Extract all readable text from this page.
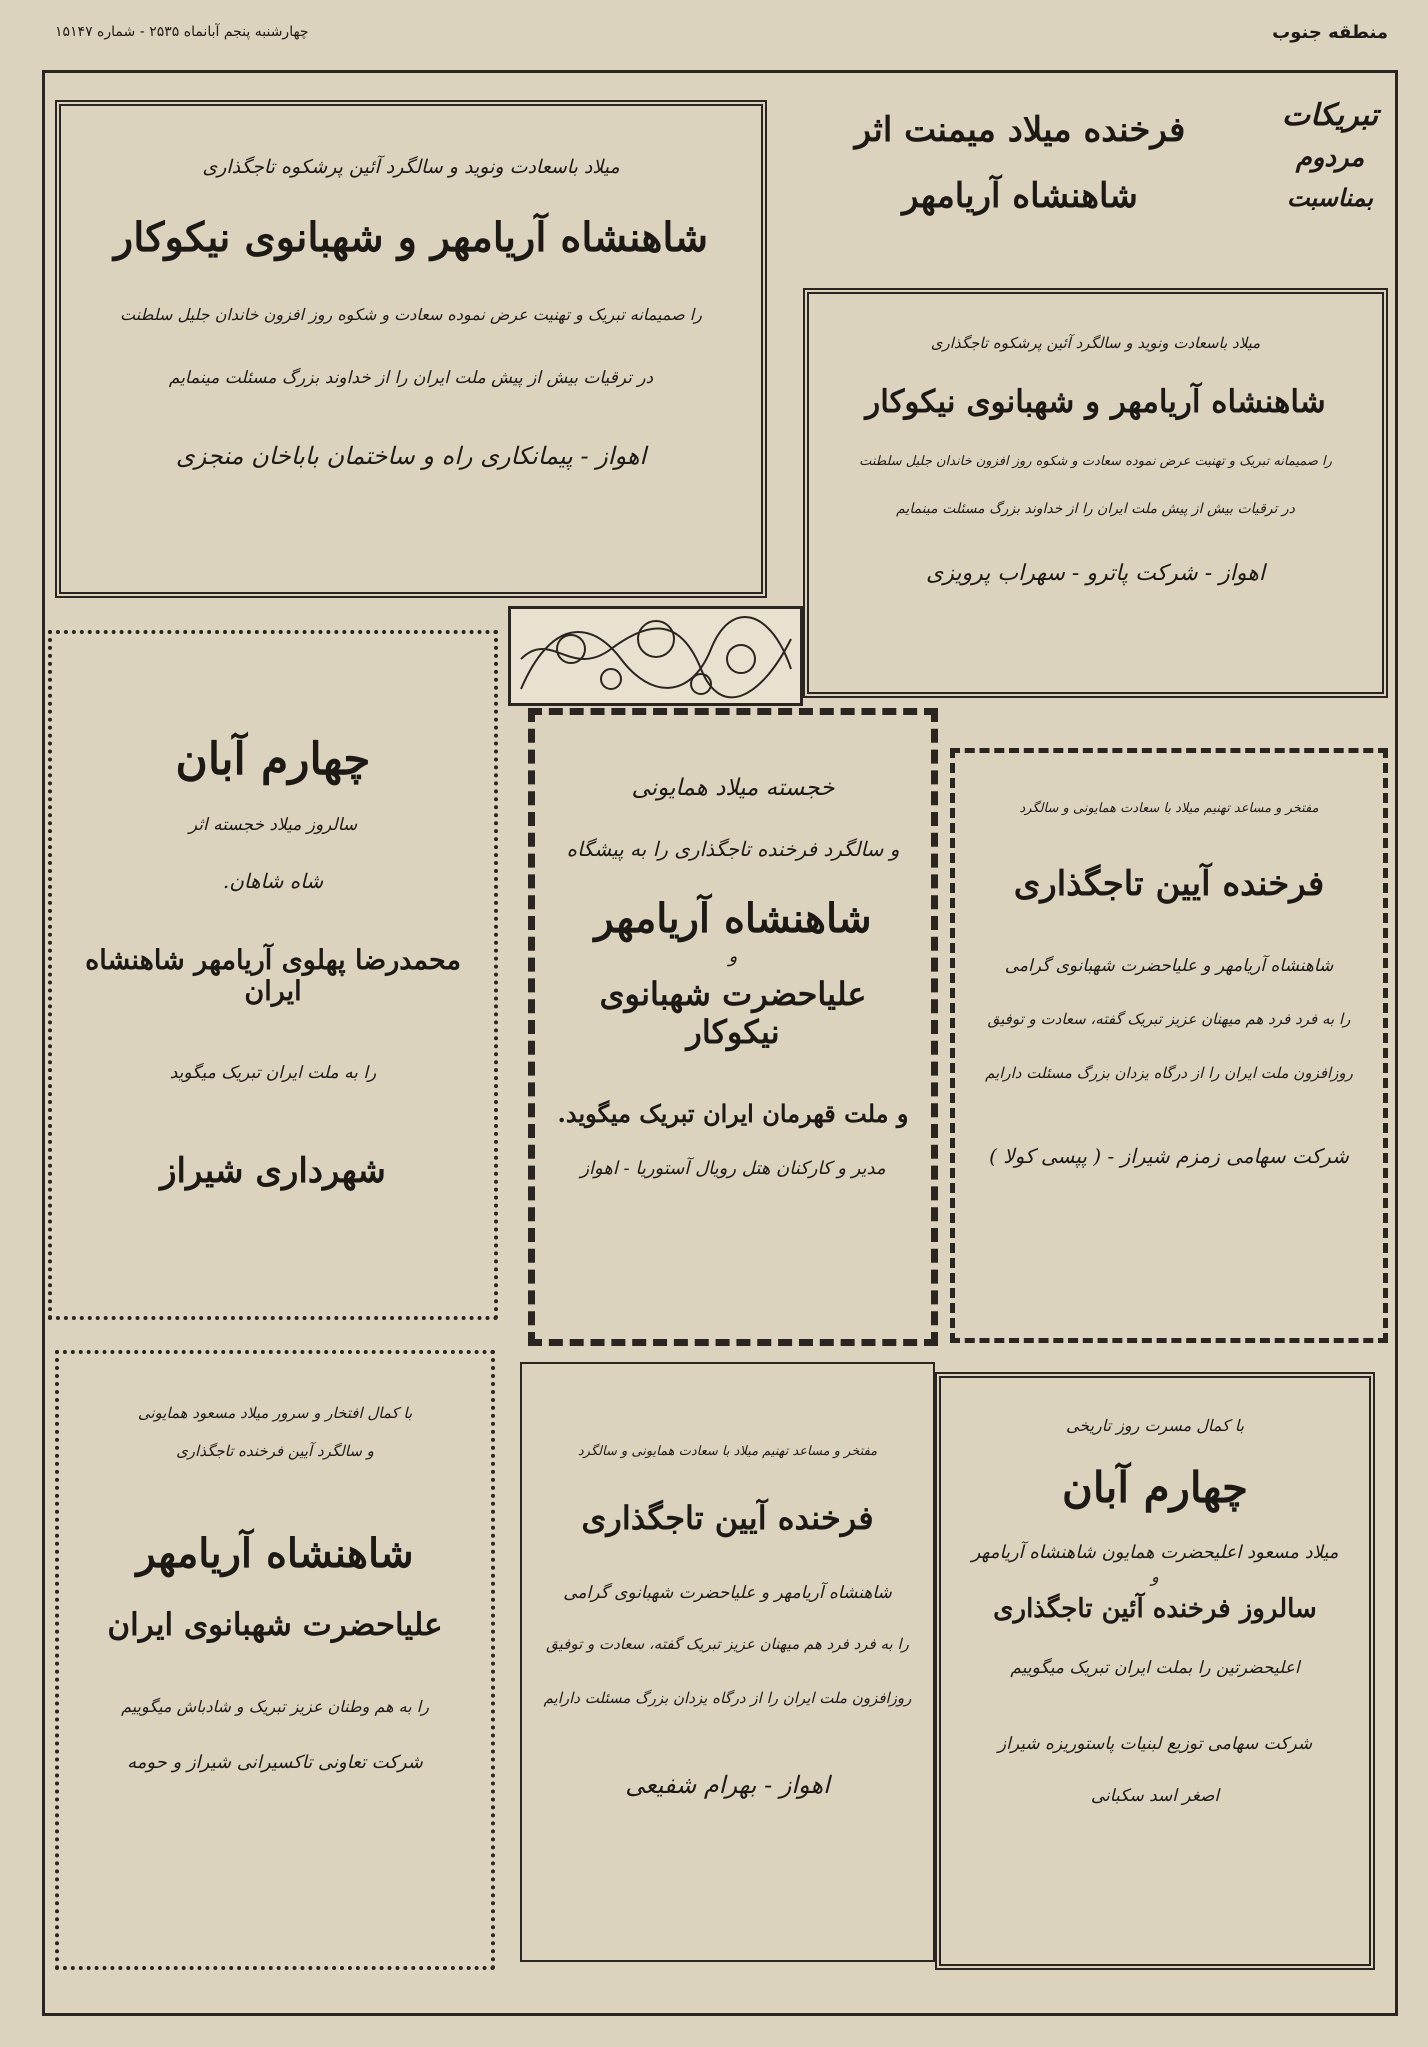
منطقه جنوب
چهارشنبه پنجم آبانماه ۲۵۳۵ - شماره ۱۵۱۴۷

تبریکات

مردوم

بمناسبت

فرخنده میلاد میمنت اثر

شاهنشاه آریامهر

میلاد باسعادت ونوید و سالگرد آئین پرشکوه تاجگذاری

شاهنشاه آریامهر و شهبانوی نیکوکار

را صمیمانه تبریک و تهنیت عرض نموده سعادت و شکوه روز افزون خاندان جلیل سلطنت

در ترقیات بیش از پیش ملت ایران را از خداوند بزرگ مسئلت مینمایم

اهواز - پیمانکاری راه و ساختمان باباخان منجزی

میلاد باسعادت ونوید و سالگرد آئین پرشکوه تاجگذاری

شاهنشاه آریامهر و شهبانوی نیکوکار

را صمیمانه تبریک و تهنیت عرض نموده سعادت و شکوه روز افزون خاندان جلیل سلطنت

در ترقیات بیش از پیش ملت ایران را از خداوند بزرگ مسئلت مینمایم

اهواز - شرکت پاترو - سهراب پرویزی

چهارم آبان

سالروز میلاد خجسته اثر

شاه شاهان.

محمدرضا پهلوی آریامهر شاهنشاه ایران

را به ملت ایران تبریک میگوید

شهرداری شیراز

خجسته میلاد همایونی

و سالگرد فرخنده تاجگذاری را به پیشگاه

شاهنشاه آریامهر

و

علیاحضرت شهبانوی نیکوکار

و ملت قهرمان ایران تبریک میگوید.

مدیر و کارکنان هتل رویال آستوریا - اهواز

مفتخر و مساعد تهنیم میلاد با سعادت همایونی و سالگرد

فرخنده آیین تاجگذاری

شاهنشاه آریامهر و علیاحضرت شهبانوی گرامی

را به فرد فرد هم میهنان عزیز تبریک گفته، سعادت و توفیق

روزافزون ملت ایران را از درگاه یزدان بزرگ مسئلت دارایم

شرکت سهامی زمزم شیراز - ( پپسی کولا )

با کمال افتخار و سرور میلاد مسعود همایونی

و سالگرد آیین فرخنده تاجگذاری

شاهنشاه آریامهر

علیاحضرت شهبانوی ایران

را به هم وطنان عزیز تبریک و شادباش میگوییم

شرکت تعاونی تاکسیرانی شیراز و حومه

مفتخر و مساعد تهنیم میلاد با سعادت همایونی و سالگرد

فرخنده آیین تاجگذاری

شاهنشاه آریامهر و علیاحضرت شهبانوی گرامی

را به فرد فرد هم میهنان عزیز تبریک گفته، سعادت و توفیق

روزافزون ملت ایران را از درگاه یزدان بزرگ مسئلت دارایم

اهواز - بهرام شفیعی

با کمال مسرت روز تاریخی

چهارم آبان

میلاد مسعود اعلیحضرت همایون شاهنشاه آریامهر

و

سالروز فرخنده آئین تاجگذاری

اعلیحضرتین را بملت ایران تبریک میگوییم

شرکت سهامی توزیع لبنیات پاستوریزه شیراز

اصغر اسد سکبانی
